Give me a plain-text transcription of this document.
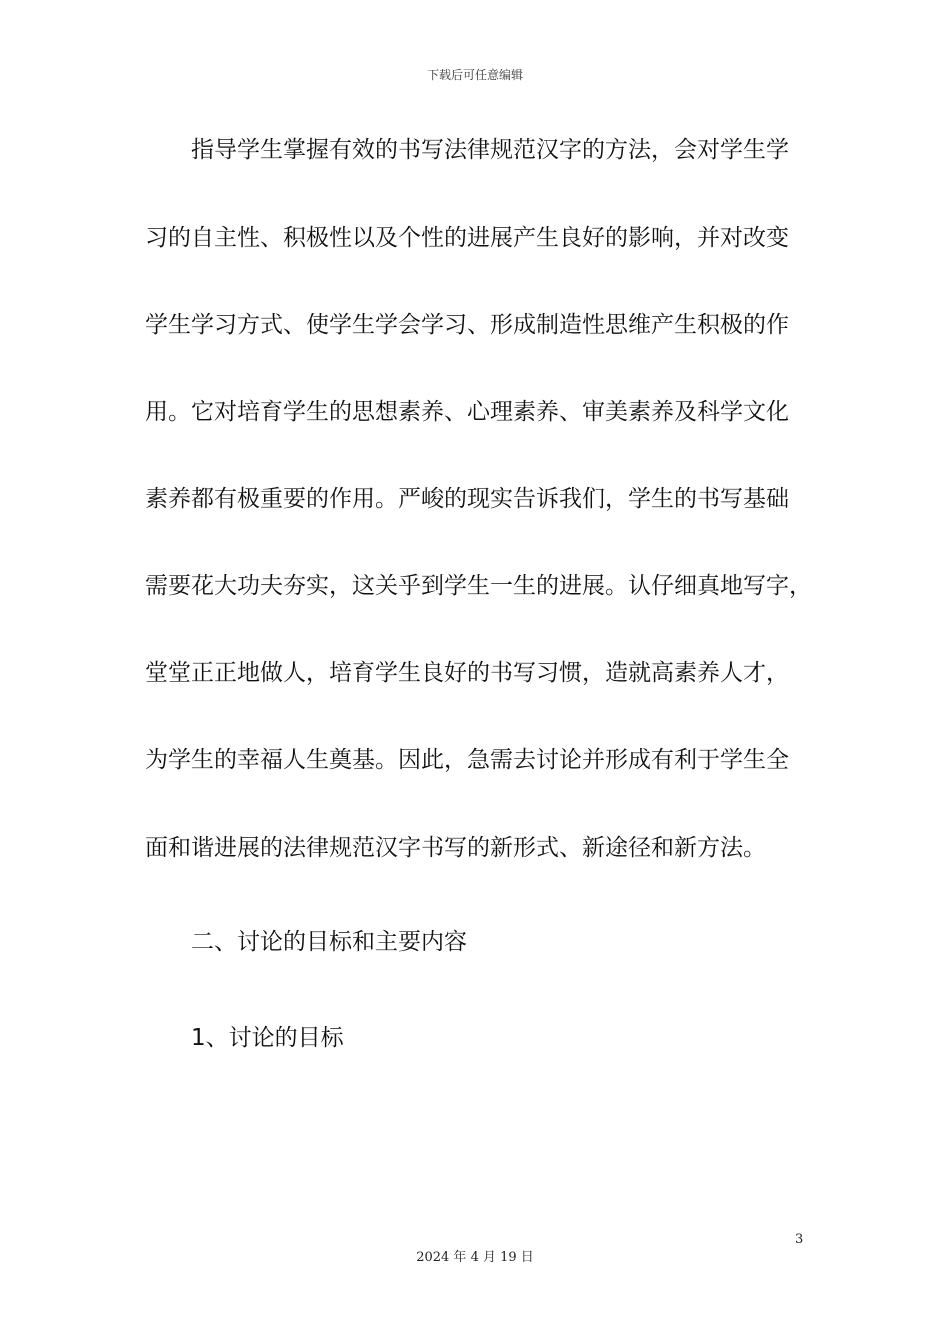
下载后可任意编辑
指导学生掌握有效的书写法律规范汉字的方法，会对学生学
习的自主性、积极性以及个性的进展产生良好的影响，并对改变
学生学习方式、使学生学会学习、形成制造性思维产生积极的作
用。它对培育学生的思想素养、心理素养、审美素养及科学文化
素养都有极重要的作用。严峻的现实告诉我们，学生的书写基础
需要花大功夫夯实，这关乎到学生一生的进展。认仔细真地写字，
堂堂正正地做人，培育学生良好的书写习惯，造就高素养人才，
为学生的幸福人生奠基。因此，急需去讨论并形成有利于学生全
面和谐进展的法律规范汉字书写的新形式、新途径和新方法。
二、讨论的目标和主要内容
1、讨论的目标
3
2024 年 4 月 19 日
